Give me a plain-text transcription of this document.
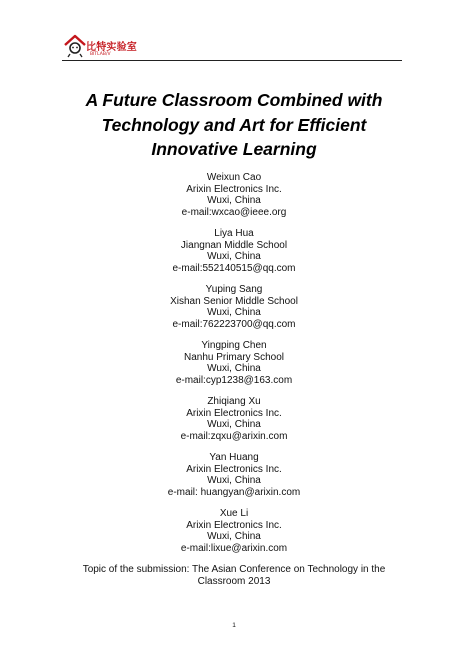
比特实验室
BITLAB/V
A Future Classroom Combined with
Technology and Art for Efficient
Innovative Learning
Weixun Cao
Arixin Electronics Inc.
Wuxi, China
e-mail:wxcao@ieee.org
Liya Hua
Jiangnan Middle School
Wuxi, China
e-mail:552140515@qq.com
Yuping Sang
Xishan Senior Middle School
Wuxi, China
e-mail:762223700@qq.com
Yingping Chen
Nanhu Primary School
Wuxi, China
e-mail:cyp1238@163.com
Zhiqiang Xu
Arixin Electronics Inc.
Wuxi, China
e-mail:zqxu@arixin.com
Yan Huang
Arixin Electronics Inc.
Wuxi, China
e-mail: huangyan@arixin.com
Xue Li
Arixin Electronics Inc.
Wuxi, China
e-mail:lixue@arixin.com
Topic of the submission: The Asian Conference on Technology in the
Classroom 2013
1
